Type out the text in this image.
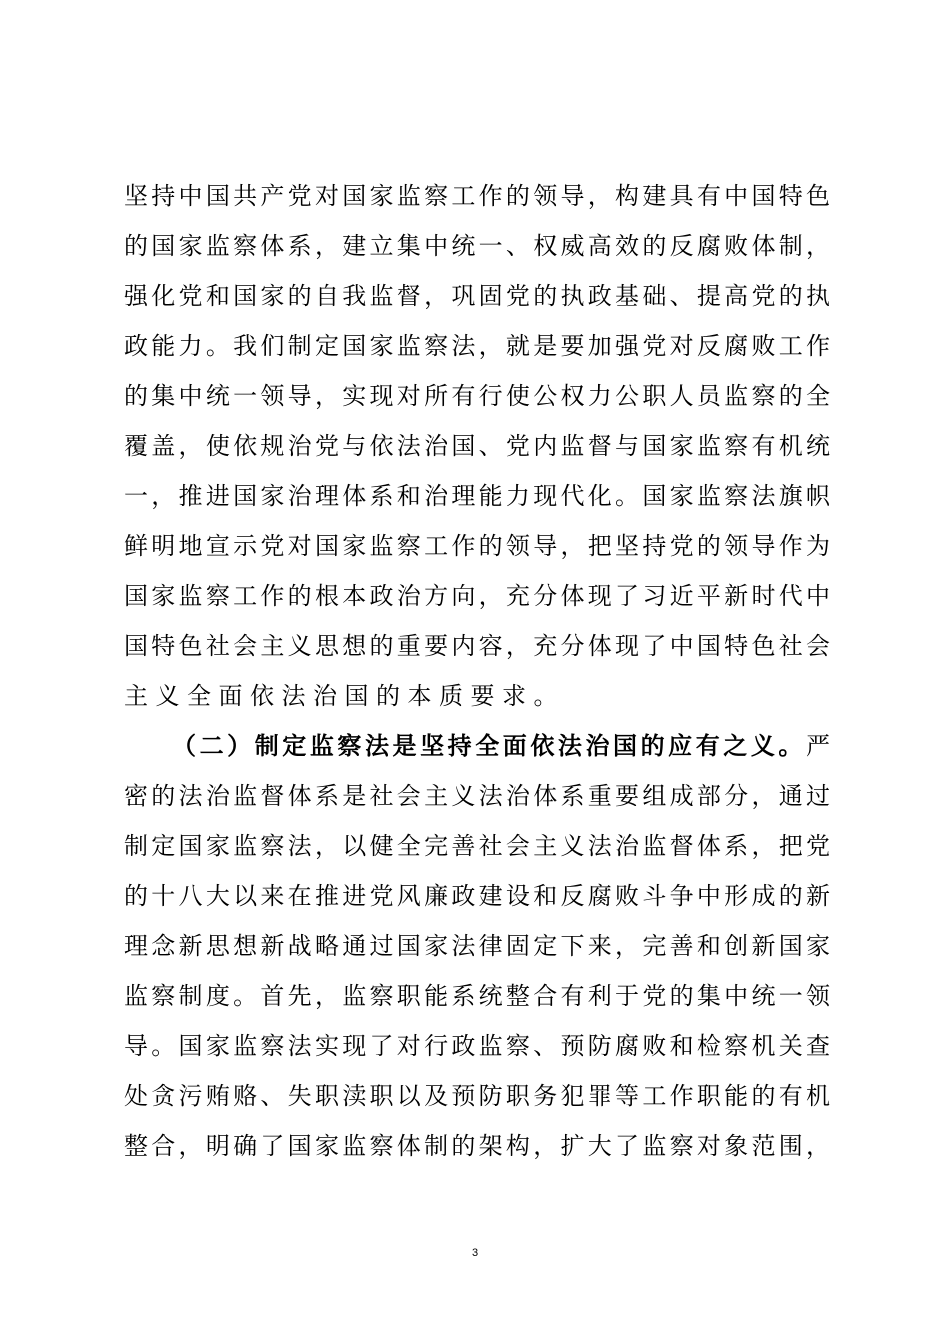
坚持中国共产党对国家监察工作的领导，构建具有中国特色
的国家监察体系，建立集中统一、权威高效的反腐败体制，
强化党和国家的自我监督，巩固党的执政基础、提高党的执
政能力。我们制定国家监察法，就是要加强党对反腐败工作
的集中统一领导，实现对所有行使公权力公职人员监察的全
覆盖，使依规治党与依法治国、党内监督与国家监察有机统
一，推进国家治理体系和治理能力现代化。国家监察法旗帜
鲜明地宣示党对国家监察工作的领导，把坚持党的领导作为
国家监察工作的根本政治方向，充分体现了习近平新时代中
国特色社会主义思想的重要内容，充分体现了中国特色社会
主义全面依法治国的本质要求。
（二）制定监察法是坚持全面依法治国的应有之义。严
密的法治监督体系是社会主义法治体系重要组成部分，通过
制定国家监察法，以健全完善社会主义法治监督体系，把党
的十八大以来在推进党风廉政建设和反腐败斗争中形成的新
理念新思想新战略通过国家法律固定下来，完善和创新国家
监察制度。首先，监察职能系统整合有利于党的集中统一领
导。国家监察法实现了对行政监察、预防腐败和检察机关查
处贪污贿赂、失职渎职以及预防职务犯罪等工作职能的有机
整合，明确了国家监察体制的架构，扩大了监察对象范围，
3
